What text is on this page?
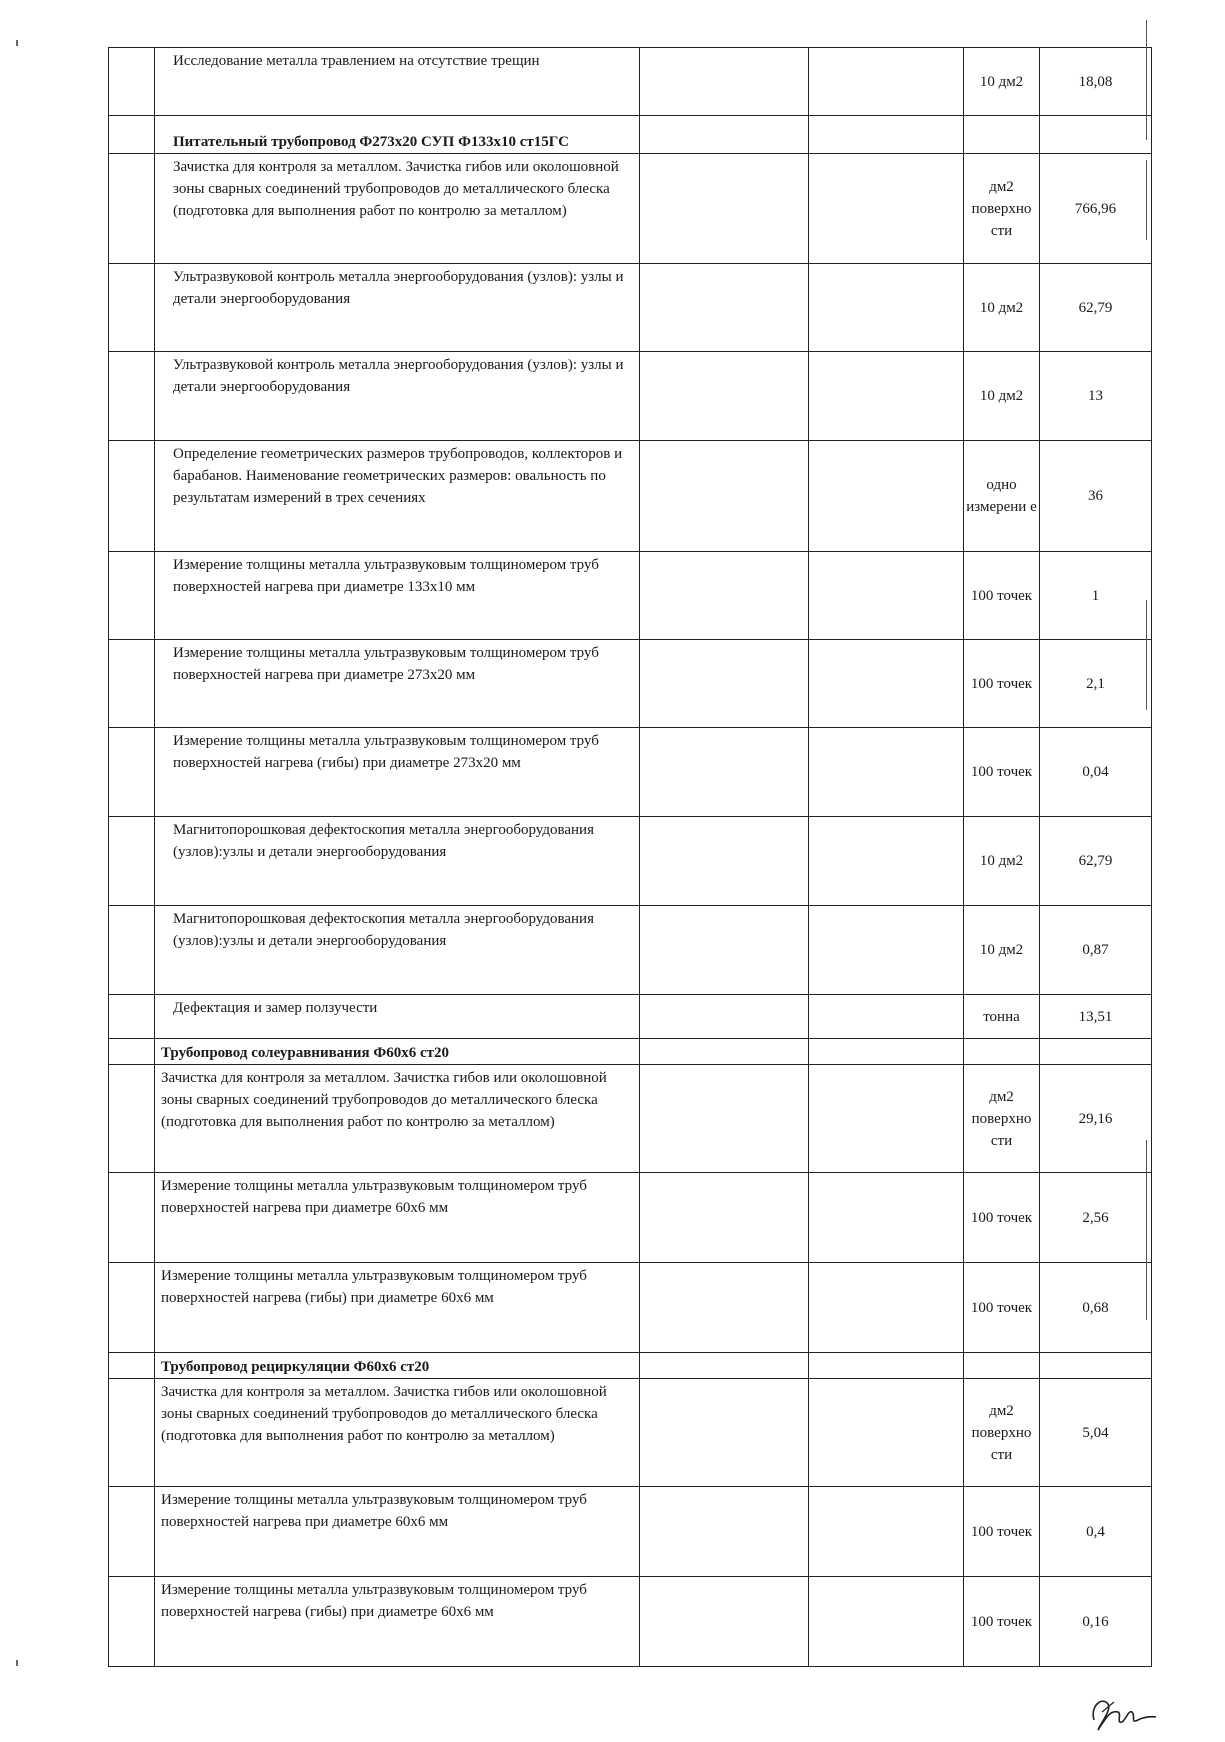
	Исследование металла травлением на отсутствие трещин			10 дм2	18,08
	Питательный трубопровод Ф273х20 СУП Ф133х10 ст15ГС				
	Зачистка для контроля за металлом. Зачистка гибов или околошовной зоны сварных соединений трубопроводов до металлического блеска (подготовка для выполнения работ по контролю за металлом)			дм2 поверхно сти	766,96
	Ультразвуковой контроль металла энергооборудования (узлов): узлы и детали энергооборудования			10 дм2	62,79
	Ультразвуковой контроль металла энергооборудования (узлов): узлы и детали энергооборудования			10 дм2	13
	Определение геометрических размеров трубопроводов, коллекторов и барабанов. Наименование геометрических размеров: овальность по результатам измерений в трех сечениях			одно измерени е	36
	Измерение толщины металла ультразвуковым толщиномером труб поверхностей нагрева при диаметре 133х10 мм			100 точек	1
	Измерение толщины металла ультразвуковым толщиномером труб поверхностей нагрева при диаметре 273х20 мм			100 точек	2,1
	Измерение толщины металла ультразвуковым толщиномером труб поверхностей нагрева (гибы) при диаметре 273х20 мм			100 точек	0,04
	Магнитопорошковая дефектоскопия металла энергооборудования (узлов):узлы и детали энергооборудования			10 дм2	62,79
	Магнитопорошковая дефектоскопия металла энергооборудования (узлов):узлы и детали энергооборудования			10 дм2	0,87
	Дефектация и замер ползучести			тонна	13,51
	Трубопровод солеуравнивания Ф60х6 ст20				
	Зачистка для контроля за металлом. Зачистка гибов или околошовной зоны сварных соединений трубопроводов до металлического блеска (подготовка для выполнения работ по контролю за металлом)			дм2 поверхно сти	29,16
	Измерение толщины металла ультразвуковым толщиномером труб поверхностей нагрева при диаметре 60х6 мм			100 точек	2,56
	Измерение толщины металла ультразвуковым толщиномером труб поверхностей нагрева (гибы) при диаметре 60х6 мм			100 точек	0,68
	Трубопровод рециркуляции Ф60х6 ст20				
	Зачистка для контроля за металлом. Зачистка гибов или околошовной зоны сварных соединений трубопроводов до металлического блеска (подготовка для выполнения работ по контролю за металлом)			дм2 поверхно сти	5,04
	Измерение толщины металла ультразвуковым толщиномером труб поверхностей нагрева при диаметре 60х6 мм			100 точек	0,4
	Измерение толщины металла ультразвуковым толщиномером труб поверхностей нагрева (гибы) при диаметре 60х6 мм			100 точек	0,16
